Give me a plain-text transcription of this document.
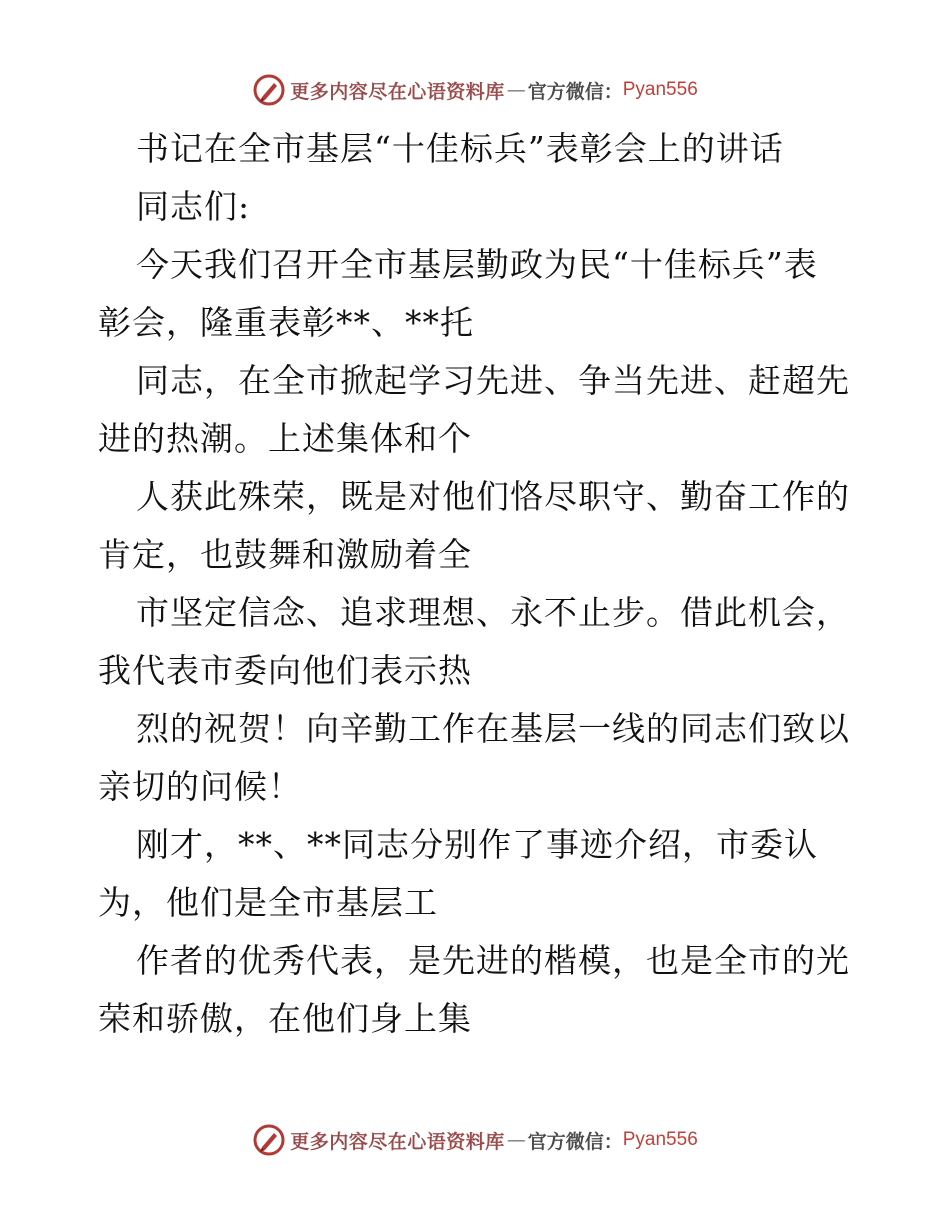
更多内容尽在心语资料库 — 官方微信： Pyan556
书记在全市基层“十佳标兵”表彰会上的讲话
同志们:
今天我们召开全市基层勤政为民“十佳标兵”表
彰会，隆重表彰**、**托
同志，在全市掀起学习先进、争当先进、赶超先
进的热潮。上述集体和个
人获此殊荣，既是对他们恪尽职守、勤奋工作的
肯定，也鼓舞和激励着全
市坚定信念、追求理想、永不止步。借此机会，
我代表市委向他们表示热
烈的祝贺！向辛勤工作在基层一线的同志们致以
亲切的问候！
刚才，**、**同志分别作了事迹介绍，市委认
为，他们是全市基层工
作者的优秀代表，是先进的楷模，也是全市的光
荣和骄傲，在他们身上集
更多内容尽在心语资料库 — 官方微信： Pyan556
